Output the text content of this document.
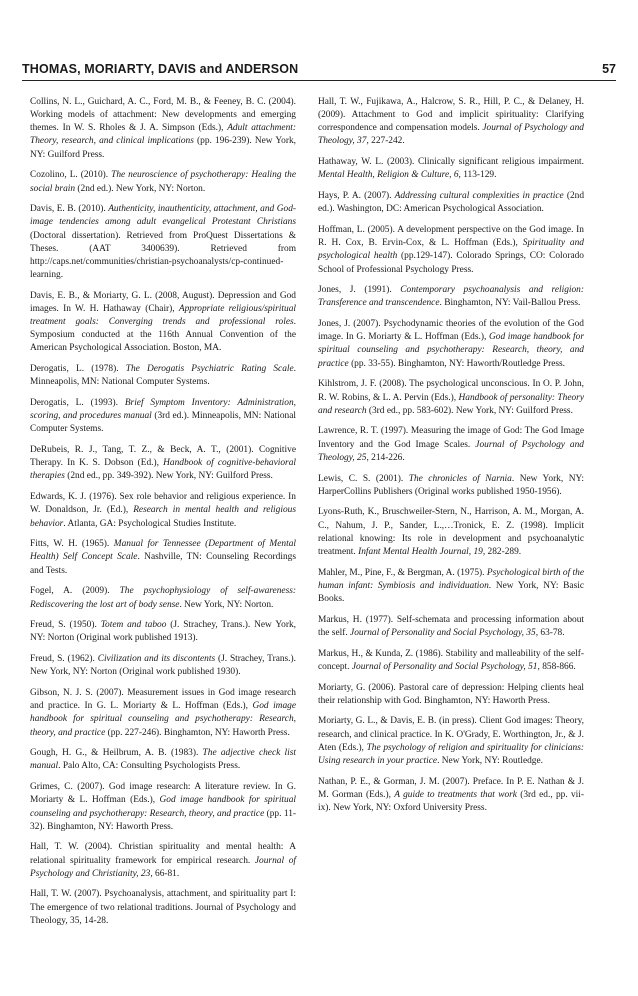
THOMAS, MORIARTY, DAVIS and ANDERSON	57

Collins, N. L., Guichard, A. C., Ford, M. B., & Feeney, B. C. (2004). Working models of attachment: New developments and emerging themes. In W. S. Rholes & J. A. Simpson (Eds.), Adult attachment: Theory, research, and clinical implications (pp. 196-239). New York, NY: Guilford Press.

Cozolino, L. (2010). The neuroscience of psychotherapy: Healing the social brain (2nd ed.). New York, NY: Norton.

Davis, E. B. (2010). Authenticity, inauthenticity, attachment, and God-image tendencies among adult evangelical Protestant Christians (Doctoral dissertation). Retrieved from ProQuest Dissertations & Theses. (AAT 3400639). Retrieved from http://caps.net/communities/christian-psychoanalysts/cp-continued-learning.

Davis, E. B., & Moriarty, G. L. (2008, August). Depression and God images. In W. H. Hathaway (Chair), Appropriate religious/spiritual treatment goals: Converging trends and professional roles. Symposium conducted at the 116th Annual Convention of the American Psychological Association. Boston, MA.

Derogatis, L. (1978). The Derogatis Psychiatric Rating Scale. Minneapolis, MN: National Computer Systems.

Derogatis, L. (1993). Brief Symptom Inventory: Administration, scoring, and procedures manual (3rd ed.). Minneapolis, MN: National Computer Systems.

DeRubeis, R. J., Tang, T. Z., & Beck, A. T., (2001). Cognitive Therapy. In K. S. Dobson (Ed.), Handbook of cognitive-behavioral therapies (2nd ed., pp. 349-392). New York, NY: Guilford Press.

Edwards, K. J. (1976). Sex role behavior and religious experience. In W. Donaldson, Jr. (Ed.), Research in mental health and religious behavior. Atlanta, GA: Psychological Studies Institute.

Fitts, W. H. (1965). Manual for Tennessee (Department of Mental Health) Self Concept Scale. Nashville, TN: Counseling Recordings and Tests.

Fogel, A. (2009). The psychophysiology of self-awareness: Rediscovering the lost art of body sense. New York, NY: Norton.

Freud, S. (1950). Totem and taboo (J. Strachey, Trans.). New York, NY: Norton (Original work published 1913).

Freud, S. (1962). Civilization and its discontents (J. Strachey, Trans.). New York, NY: Norton (Original work published 1930).

Gibson, N. J. S. (2007). Measurement issues in God image research and practice. In G. L. Moriarty & L. Hoffman (Eds.), God image handbook for spiritual counseling and psychotherapy: Research, theory, and practice (pp. 227-246). Binghamton, NY: Haworth Press.

Gough, H. G., & Heilbrum, A. B. (1983). The adjective check list manual. Palo Alto, CA: Consulting Psychologists Press.

Grimes, C. (2007). God image research: A literature review. In G. Moriarty & L. Hoffman (Eds.), God image handbook for spiritual counseling and psychotherapy: Research, theory, and practice (pp. 11-32). Binghamton, NY: Haworth Press.

Hall, T. W. (2004). Christian spirituality and mental health: A relational spirituality framework for empirical research. Journal of Psychology and Christianity, 23, 66-81.

Hall, T. W. (2007). Psychoanalysis, attachment, and spirituality part I: The emergence of two relational traditions. Journal of Psychology and Theology, 35, 14-28.

Hall, T. W., Fujikawa, A., Halcrow, S. R., Hill, P. C., & Delaney, H. (2009). Attachment to God and implicit spirituality: Clarifying correspondence and compensation models. Journal of Psychology and Theology, 37, 227-242.

Hathaway, W. L. (2003). Clinically significant religious impairment. Mental Health, Religion & Culture, 6, 113-129.

Hays, P. A. (2007). Addressing cultural complexities in practice (2nd ed.). Washington, DC: American Psychological Association.

Hoffman, L. (2005). A development perspective on the God image. In R. H. Cox, B. Ervin-Cox, & L. Hoffman (Eds.), Spirituality and psychological health (pp.129-147). Colorado Springs, CO: Colorado School of Professional Psychology Press.

Jones, J. (1991). Contemporary psychoanalysis and religion: Transference and transcendence. Binghamton, NY: Vail-Ballou Press.

Jones, J. (2007). Psychodynamic theories of the evolution of the God image. In G. Moriarty & L. Hoffman (Eds.), God image handbook for spiritual counseling and psychotherapy: Research, theory, and practice (pp. 33-55). Binghamton, NY: Haworth/Routledge Press.

Kihlstrom, J. F. (2008). The psychological unconscious. In O. P. John, R. W. Robins, & L. A. Pervin (Eds.), Handbook of personality: Theory and research (3rd ed., pp. 583-602). New York, NY: Guilford Press.

Lawrence, R. T. (1997). Measuring the image of God: The God Image Inventory and the God Image Scales. Journal of Psychology and Theology, 25, 214-226.

Lewis, C. S. (2001). The chronicles of Narnia. New York, NY: HarperCollins Publishers (Original works published 1950-1956).

Lyons-Ruth, K., Bruschweiler-Stern, N., Harrison, A. M., Morgan, A. C., Nahum, J. P., Sander, L.,…Tronick, E. Z. (1998). Implicit relational knowing: Its role in development and psychoanalytic treatment. Infant Mental Health Journal, 19, 282-289.

Mahler, M., Pine, F., & Bergman, A. (1975). Psychological birth of the human infant: Symbiosis and individuation. New York, NY: Basic Books.

Markus, H. (1977). Self-schemata and processing information about the self. Journal of Personality and Social Psychology, 35, 63-78.

Markus, H., & Kunda, Z. (1986). Stability and malleability of the self-concept. Journal of Personality and Social Psychology, 51, 858-866.

Moriarty, G. (2006). Pastoral care of depression: Helping clients heal their relationship with God. Binghamton, NY: Haworth Press.

Moriarty, G. L., & Davis, E. B. (in press). Client God images: Theory, research, and clinical practice. In K. O'Grady, E. Worthington, Jr., & J. Aten (Eds.), The psychology of religion and spirituality for clinicians: Using research in your practice. New York, NY: Routledge.

Nathan, P. E., & Gorman, J. M. (2007). Preface. In P. E. Nathan & J. M. Gorman (Eds.), A guide to treatments that work (3rd ed., pp. vii-ix). New York, NY: Oxford University Press.
